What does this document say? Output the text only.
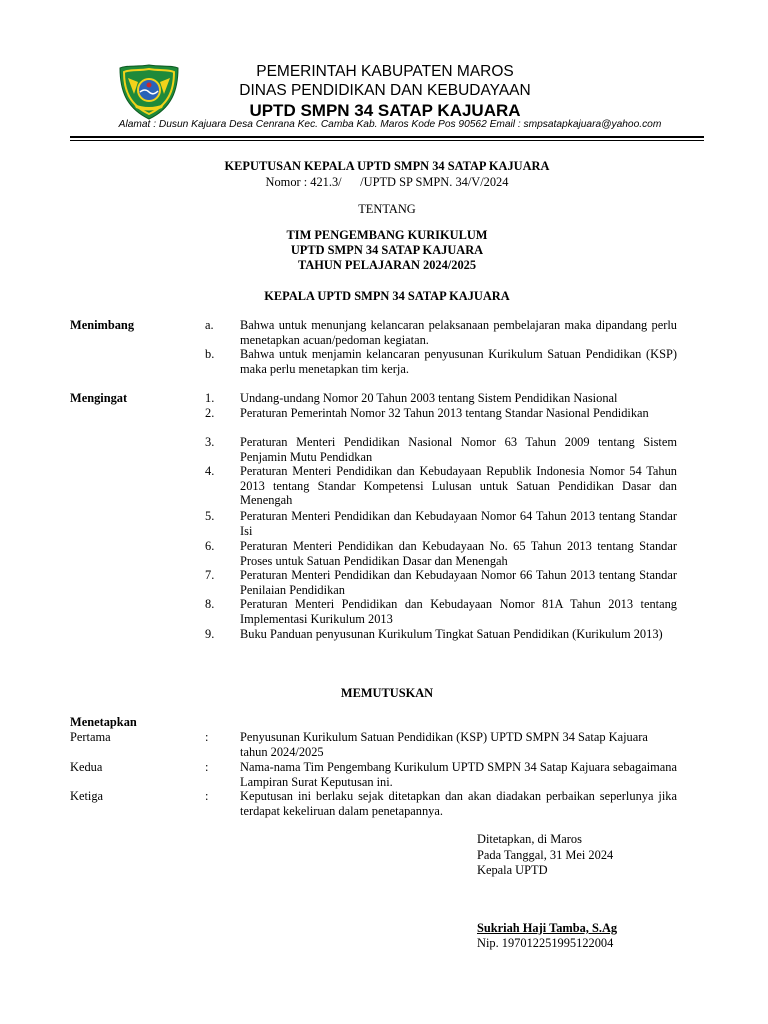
PEMERINTAH KABUPATEN MAROS
DINAS PENDIDIKAN DAN KEBUDAYAAN
UPTD SMPN 34 SATAP KAJUARA
Alamat : Dusun Kajuara Desa Cenrana Kec. Camba Kab. Maros Kode Pos 90562 Email : smpsatapkajuara@yahoo.com
KEPUTUSAN KEPALA UPTD SMPN 34 SATAP KAJUARA
Nomor : 421.3/      /UPTD SP SMPN. 34/V/2024
TENTANG
TIM PENGEMBANG KURIKULUM
UPTD SMPN 34 SATAP KAJUARA
TAHUN PELAJARAN 2024/2025
KEPALA UPTD SMPN 34 SATAP KAJUARA
Menimbang	a. Bahwa untuk menunjang kelancaran pelaksanaan pembelajaran maka dipandang perlu menetapkan acuan/pedoman kegiatan.
b. Bahwa untuk menjamin kelancaran penyusunan Kurikulum Satuan Pendidikan (KSP) maka perlu menetapkan tim kerja.
Mengingat	1. Undang-undang Nomor 20 Tahun 2003 tentang Sistem Pendidikan Nasional
2. Peraturan Pemerintah Nomor 32 Tahun 2013 tentang Standar Nasional Pendidikan
3. Peraturan Menteri Pendidikan Nasional Nomor 63 Tahun 2009 tentang Sistem Penjamin Mutu Pendidkan
4. Peraturan Menteri Pendidikan dan Kebudayaan Republik Indonesia Nomor 54 Tahun 2013 tentang Standar Kompetensi Lulusan untuk Satuan Pendidikan Dasar dan Menengah
5. Peraturan Menteri Pendidikan dan Kebudayaan Nomor 64 Tahun 2013 tentang Standar Isi
6. Peraturan Menteri Pendidikan dan Kebudayaan No. 65 Tahun 2013 tentang Standar Proses untuk Satuan Pendidikan Dasar dan Menengah
7. Peraturan Menteri Pendidikan dan Kebudayaan Nomor 66 Tahun 2013 tentang Standar Penilaian Pendidikan
8. Peraturan Menteri Pendidikan dan Kebudayaan Nomor 81A Tahun 2013 tentang Implementasi Kurikulum 2013
9. Buku Panduan penyusunan Kurikulum Tingkat Satuan Pendidikan (Kurikulum 2013)
MEMUTUSKAN
Menetapkan
Pertama	:	Penyusunan Kurikulum Satuan Pendidikan (KSP) UPTD SMPN 34 Satap Kajuara tahun 2024/2025
Kedua	:	Nama-nama Tim Pengembang Kurikulum UPTD SMPN 34 Satap Kajuara sebagaimana Lampiran Surat Keputusan ini.
Ketiga	:	Keputusan ini berlaku sejak ditetapkan dan akan diadakan perbaikan seperlunya jika terdapat kekeliruan dalam penetapannya.
Ditetapkan, di Maros
Pada Tanggal, 31 Mei 2024
Kepala UPTD
Sukriah Haji Tamba, S.Ag
Nip. 197012251995122004
